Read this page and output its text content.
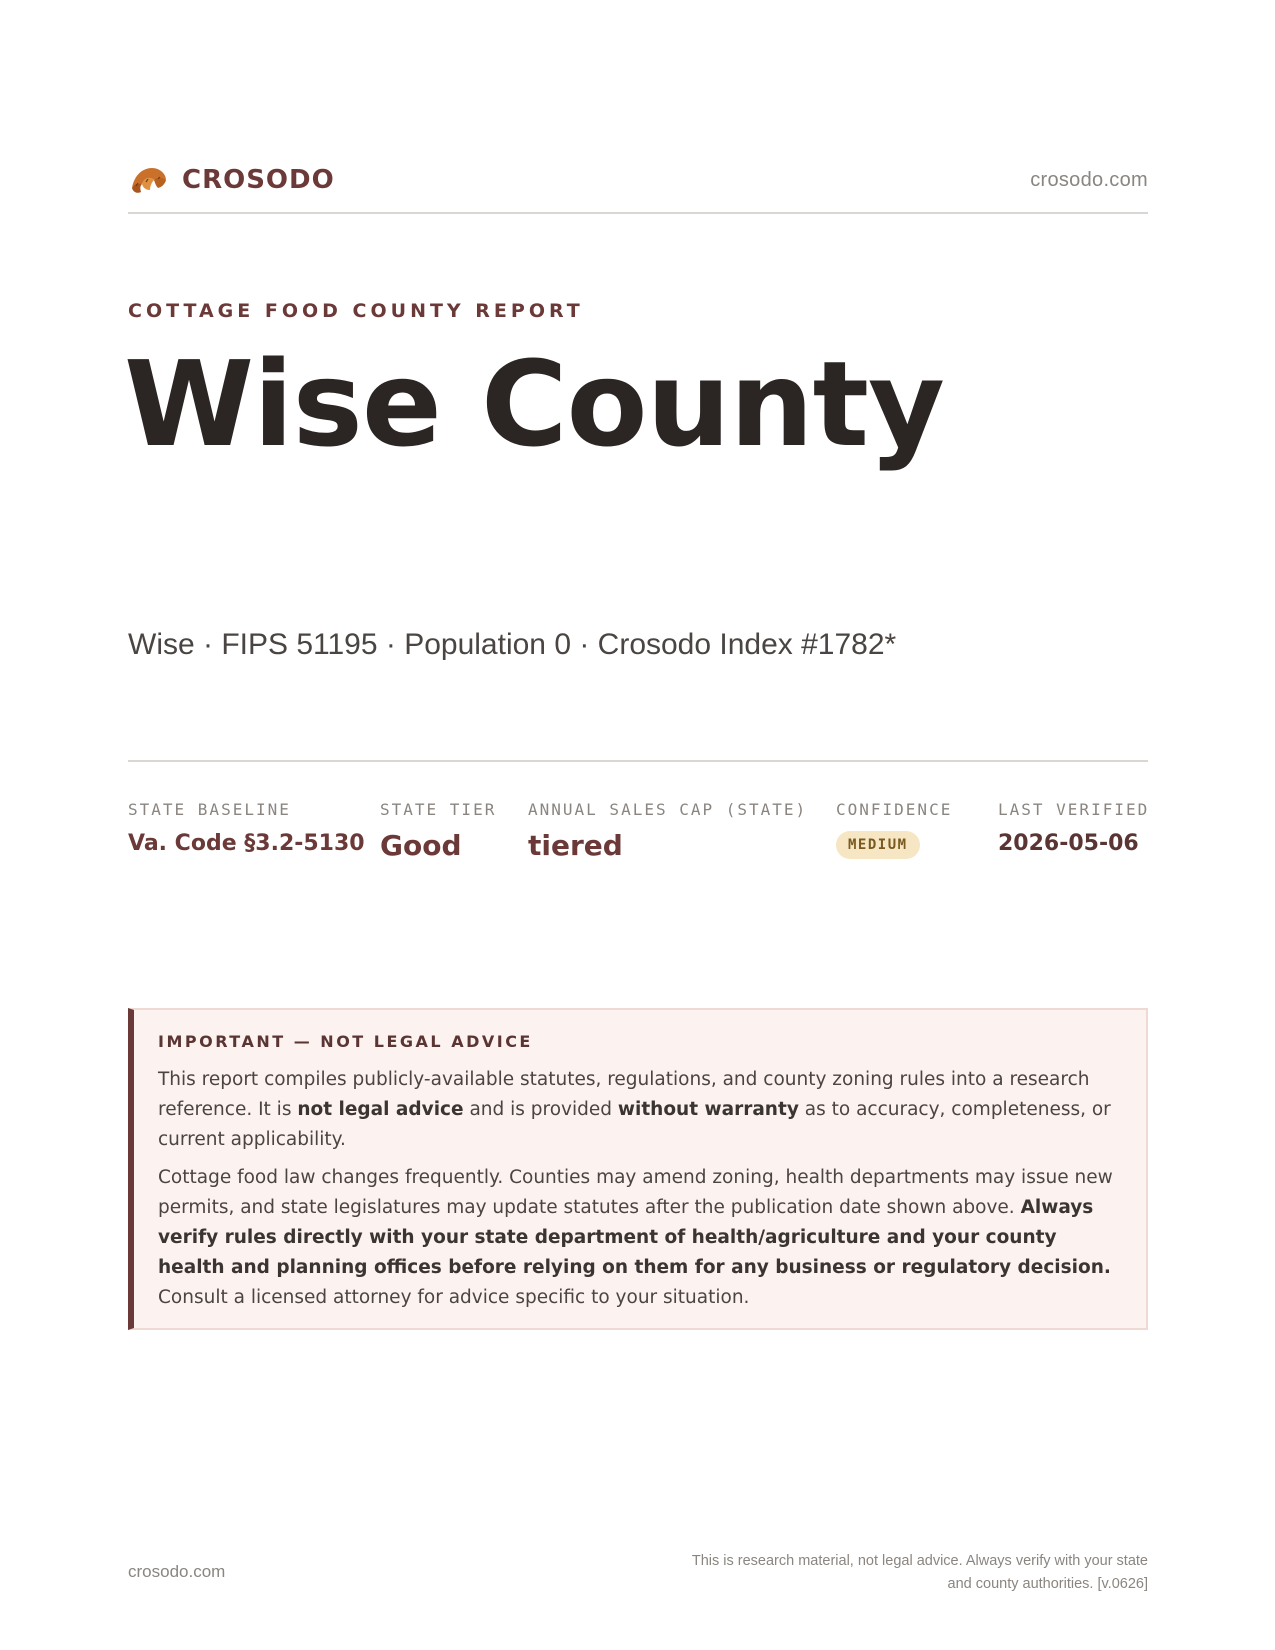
CROSODO	crosodo.com
COTTAGE FOOD COUNTY REPORT
Wise County
Wise · FIPS 51195 · Population 0 · Crosodo Index #1782*
STATE BASELINE
Va. Code §3.2-5130
STATE TIER
Good
ANNUAL SALES CAP (STATE)
tiered
CONFIDENCE
MEDIUM
LAST VERIFIED
2026-05-06
IMPORTANT — NOT LEGAL ADVICE

This report compiles publicly-available statutes, regulations, and county zoning rules into a research reference. It is not legal advice and is provided without warranty as to accuracy, completeness, or current applicability.

Cottage food law changes frequently. Counties may amend zoning, health departments may issue new permits, and state legislatures may update statutes after the publication date shown above. Always verify rules directly with your state department of health/agriculture and your county health and planning offices before relying on them for any business or regulatory decision. Consult a licensed attorney for advice specific to your situation.

crosodo.com
This is research material, not legal advice. Always verify with your state
and county authorities. [v.0626]
